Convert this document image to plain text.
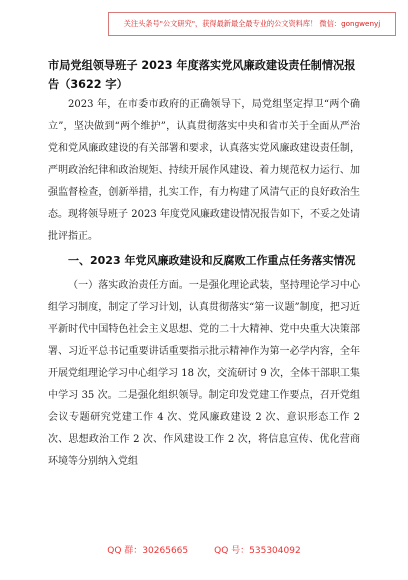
关注头条号"公文研究"，获得最新最全最专业的公文资料库！ 微信：gongwenyj

市局党组领导班子 2023 年度落实党风廉政建设责任制情况报告（3622 字）

2023 年，在市委市政府的正确领导下，局党组坚定捍卫“两个确立”，坚决做到“两个维护”，认真贯彻落实中央和省市关于全面从严治党和党风廉政建设的有关部署和要求，认真落实党风廉政建设责任制，严明政治纪律和政治规矩、持续开展作风建设、着力规范权力运行、加强监督检查，创新举措，扎实工作，有力构建了风清气正的良好政治生态。现将领导班子 2023 年度党风廉政建设情况报告如下，不妥之处请批评指正。

一、2023 年党风廉政建设和反腐败工作重点任务落实情况

（一）落实政治责任方面。一是强化理论武装，坚持理论学习中心组学习制度，制定了学习计划，认真贯彻落实“第一议题”制度，把习近平新时代中国特色社会主义思想、党的二十大精神、党中央重大决策部署、习近平总书记重要讲话重要指示批示精神作为第一必学内容，全年开展党组理论学习中心组学习 18 次，交流研讨 9 次，全体干部职工集中学习 35 次。二是强化组织领导。制定印发党建工作要点，召开党组会议专题研究党建工作 4 次、党风廉政建设 2 次、意识形态工作 2 次、思想政治工作 2 次、作风建设工作 2 次，将信息宣传、优化营商环境等分别纳入党组

QQ 群：30265665	QQ 号：535304092
